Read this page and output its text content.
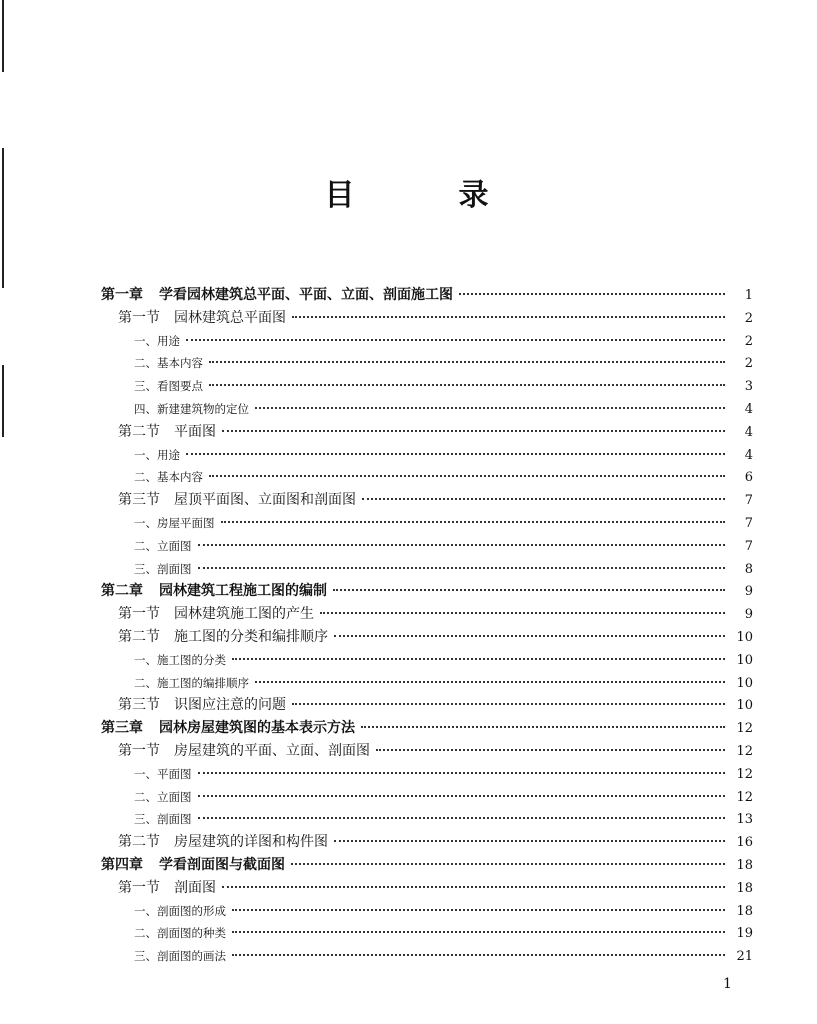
目	录
第一章 学看园林建筑总平面、平面、立面、剖面施工图	1
第一节 园林建筑总平面图	2
一、用途	2
二、基本内容	2
三、看图要点	3
四、新建建筑物的定位	4
第二节 平面图	4
一、用途	4
二、基本内容	6
第三节 屋顶平面图、立面图和剖面图	7
一、房屋平面图	7
二、立面图	7
三、剖面图	8
第二章 园林建筑工程施工图的编制	9
第一节 园林建筑施工图的产生	9
第二节 施工图的分类和编排顺序	10
一、施工图的分类	10
二、施工图的编排顺序	10
第三节 识图应注意的问题	10
第三章 园林房屋建筑图的基本表示方法	12
第一节 房屋建筑的平面、立面、剖面图	12
一、平面图	12
二、立面图	12
三、剖面图	13
第二节 房屋建筑的详图和构件图	16
第四章 学看剖面图与截面图	18
第一节 剖面图	18
一、剖面图的形成	18
二、剖面图的种类	19
三、剖面图的画法	21
1
